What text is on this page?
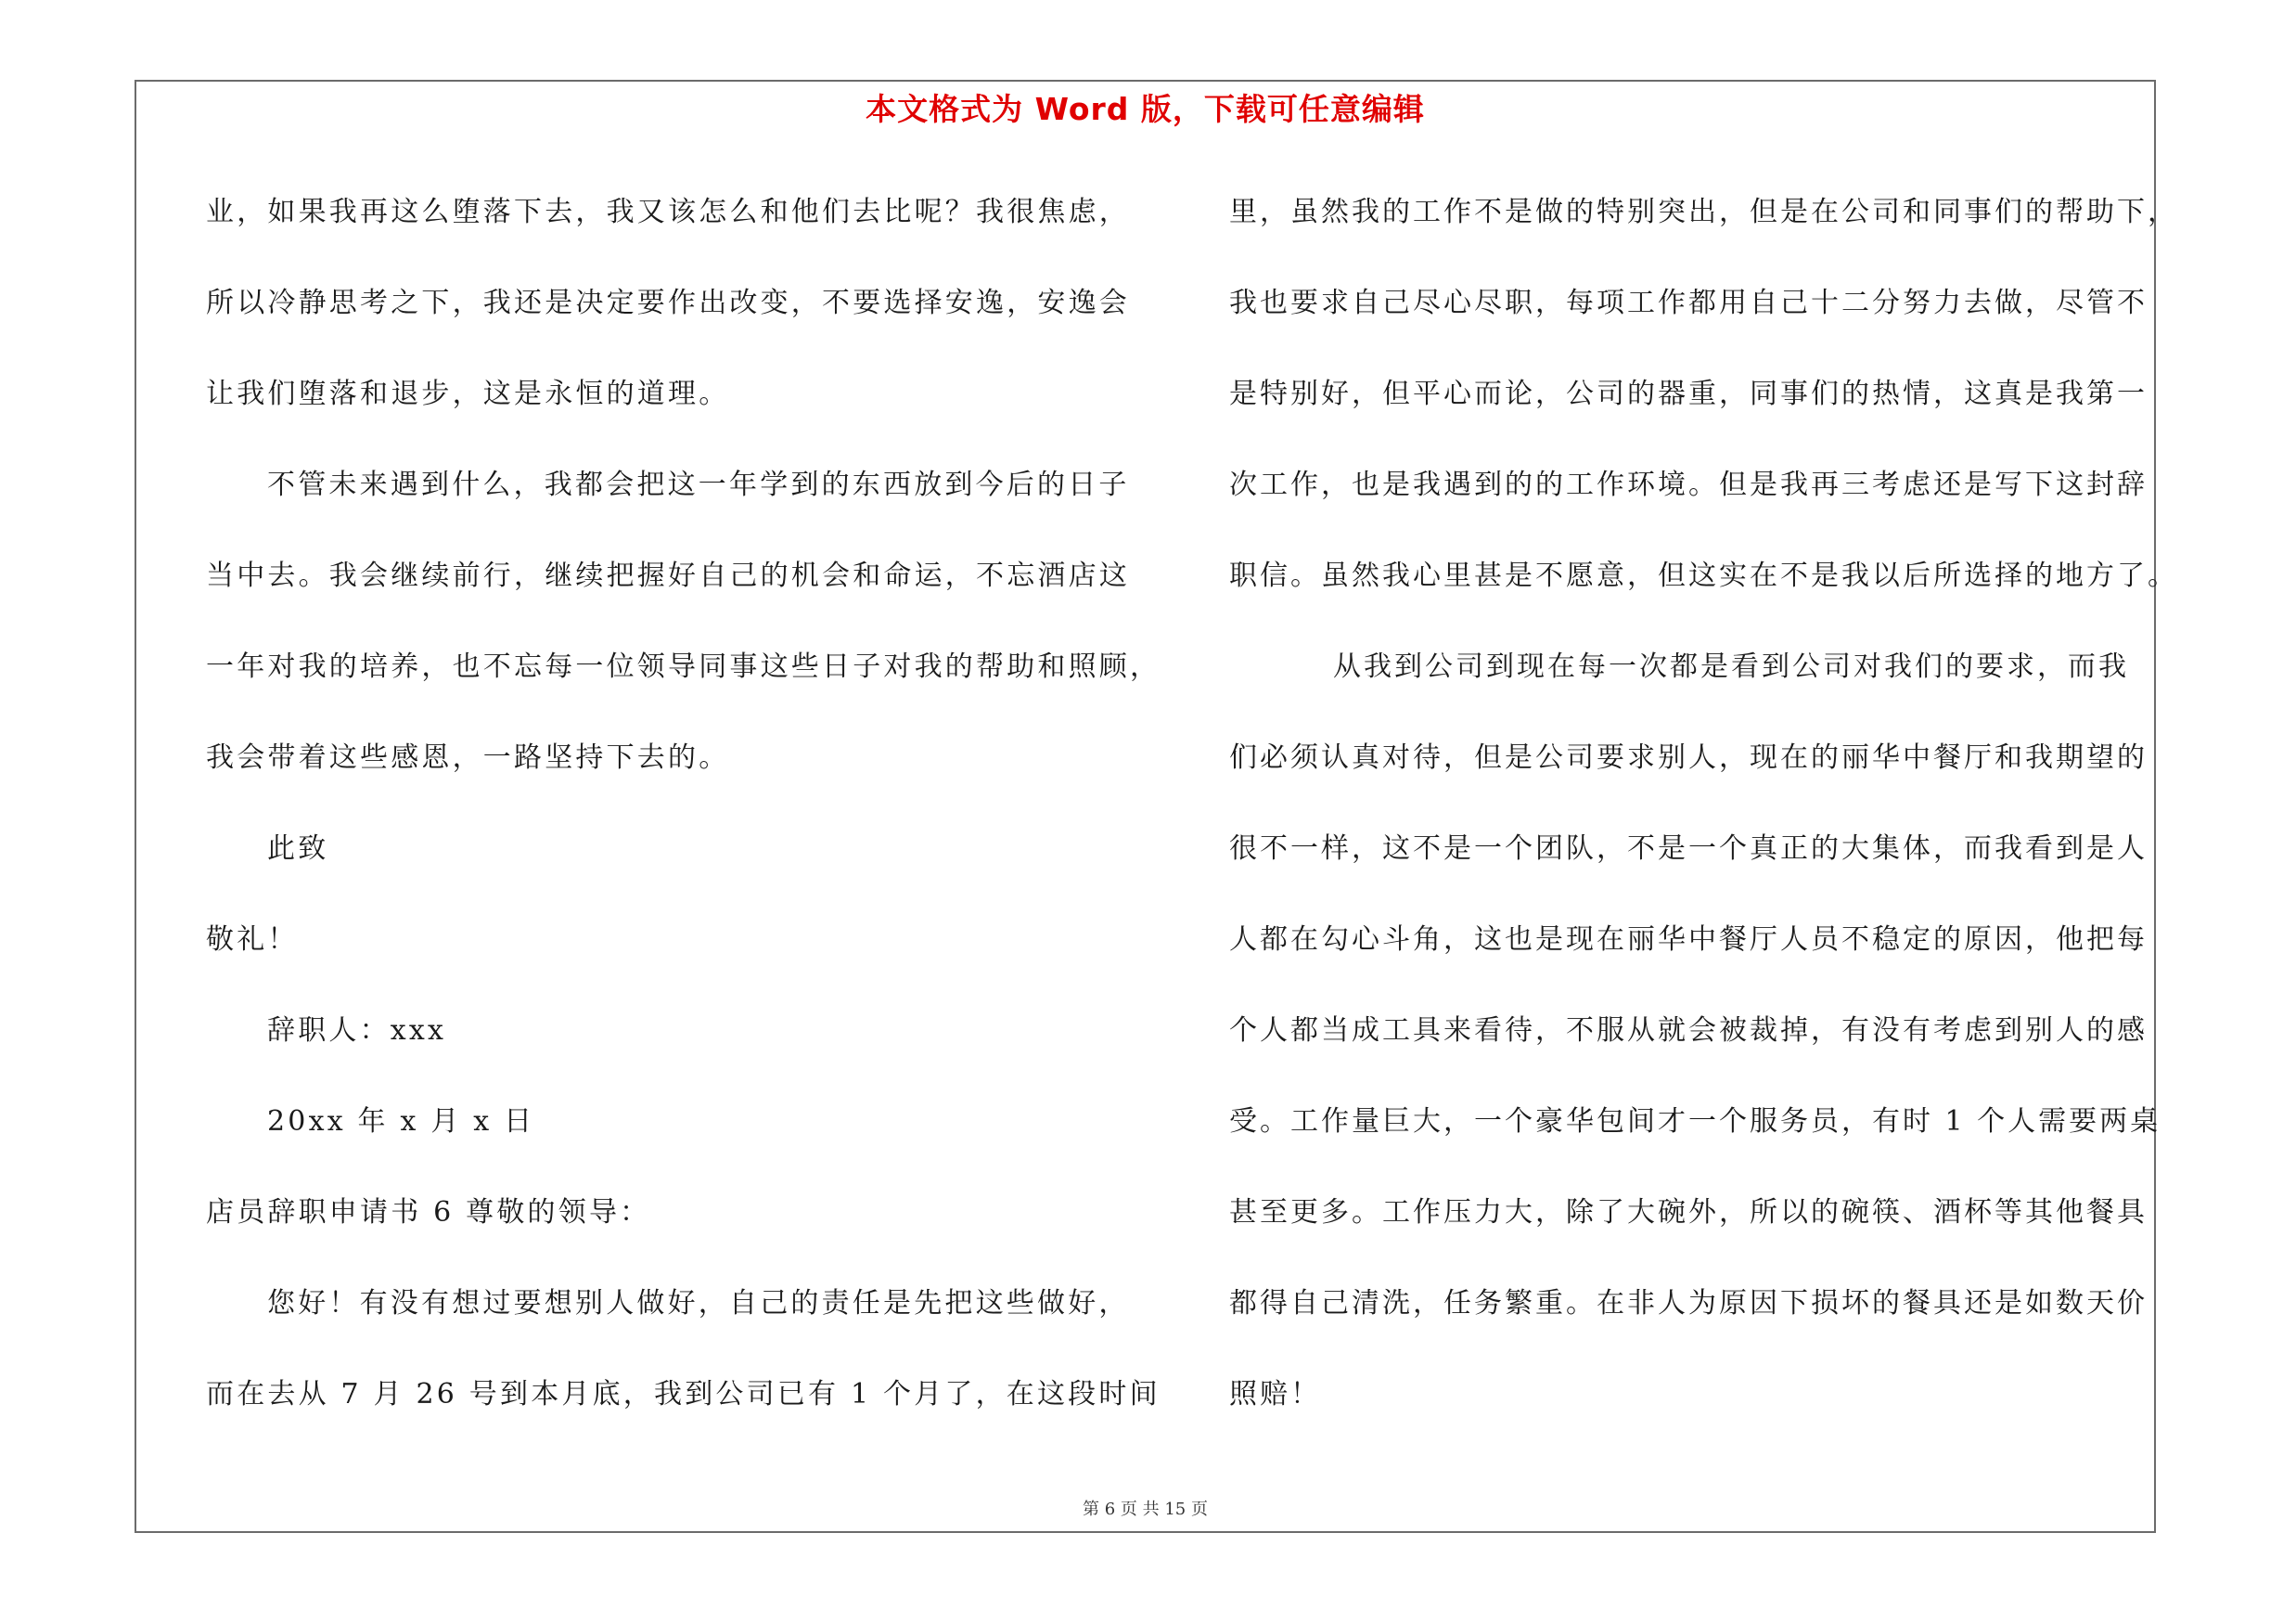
本文格式为 Word 版，下载可任意编辑
业，如果我再这么堕落下去，我又该怎么和他们去比呢？我很焦虑，
所以冷静思考之下，我还是决定要作出改变，不要选择安逸，安逸会
让我们堕落和退步，这是永恒的道理。
不管未来遇到什么，我都会把这一年学到的东西放到今后的日子
当中去。我会继续前行，继续把握好自己的机会和命运，不忘酒店这
一年对我的培养，也不忘每一位领导同事这些日子对我的帮助和照顾，
我会带着这些感恩，一路坚持下去的。
此致
敬礼！
辞职人：xxx
20xx 年 x 月 x 日
店员辞职申请书 6 尊敬的领导：
您好！有没有想过要想别人做好，自己的责任是先把这些做好，
而在去从 7 月 26 号到本月底，我到公司已有 1 个月了，在这段时间
里，虽然我的工作不是做的特别突出，但是在公司和同事们的帮助下，
我也要求自己尽心尽职，每项工作都用自己十二分努力去做，尽管不
是特别好，但平心而论，公司的器重，同事们的热情，这真是我第一
次工作，也是我遇到的的工作环境。但是我再三考虑还是写下这封辞
职信。虽然我心里甚是不愿意，但这实在不是我以后所选择的地方了。
从我到公司到现在每一次都是看到公司对我们的要求，而我
们必须认真对待，但是公司要求别人，现在的丽华中餐厅和我期望的
很不一样，这不是一个团队，不是一个真正的大集体，而我看到是人
人都在勾心斗角，这也是现在丽华中餐厅人员不稳定的原因，他把每
个人都当成工具来看待，不服从就会被裁掉，有没有考虑到别人的感
受。工作量巨大，一个豪华包间才一个服务员，有时 1 个人需要两桌
甚至更多。工作压力大，除了大碗外，所以的碗筷、酒杯等其他餐具
都得自己清洗，任务繁重。在非人为原因下损坏的餐具还是如数天价
照赔！
第 6 页 共 15 页
